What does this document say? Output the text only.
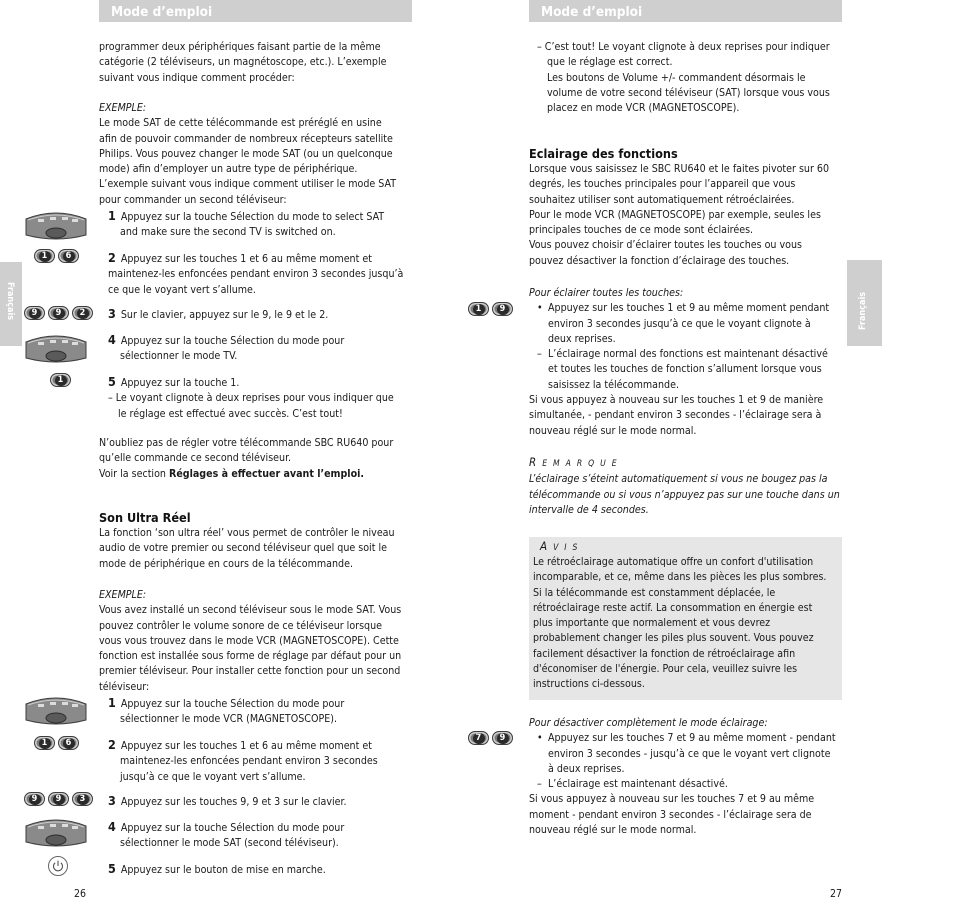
Mode d’emploi
Français

programmer deux périphériques faisant partie de la même

catégorie (2 téléviseurs, un magnétoscope, etc.). L’exemple

suivant vous indique comment procéder:

EXEMPLE:

Le mode SAT de cette télécommande est préréglé en usine

afin de pouvoir commander de nombreux récepteurs satellite

Philips. Vous pouvez changer le mode SAT (ou un quelconque

mode) afin d’employer un autre type de périphérique.

L’exemple suivant vous indique comment utiliser le mode SAT

pour commander un second téléviseur:

1 Appuyez sur la touche Sélection du mode to select SAT

and make sure the second TV is switched on.

2 Appuyez sur les touches 1 et 6 au même moment et

maintenez-les enfoncées pendant environ 3 secondes jusqu’à

ce que le voyant vert s’allume.

3 Sur le clavier, appuyez sur le 9, le 9 et le 2.

4 Appuyez sur la touche Sélection du mode pour

sélectionner le mode TV.

5 Appuyez sur la touche 1.

– Le voyant clignote à deux reprises pour vous indiquer que

le réglage est effectué avec succès. C’est tout!

N’oubliez pas de régler votre télécommande SBC RU640 pour

qu’elle commande ce second téléviseur.

Voir la section Réglages à effectuer avant l’emploi.

Son Ultra Réel

La fonction ‘son ultra réel’ vous permet de contrôler le niveau

audio de votre premier ou second téléviseur quel que soit le

mode de périphérique en cours de la télécommande.

EXEMPLE:

Vous avez installé un second téléviseur sous le mode SAT. Vous

pouvez contrôler le volume sonore de ce téléviseur lorsque

vous vous trouvez dans le mode VCR (MAGNETOSCOPE). Cette

fonction est installée sous forme de réglage par défaut pour un

premier téléviseur. Pour installer cette fonction pour un second

téléviseur:

1 Appuyez sur la touche Sélection du mode pour

sélectionner le mode VCR (MAGNETOSCOPE).

2 Appuyez sur les touches 1 et 6 au même moment et

maintenez-les enfoncées pendant environ 3 secondes

jusqu’à ce que le voyant vert s’allume.

3 Appuyez sur les touches 9, 9 et 3 sur le clavier.

4 Appuyez sur la touche Sélection du mode pour

sélectionner le mode SAT (second téléviseur).

5 Appuyez sur le bouton de mise en marche.

1	6
9	9	2
1
1	6
9	9	3
26
Mode d’emploi
Français

– C’est tout! Le voyant clignote à deux reprises pour indiquer

que le réglage est correct.

Les boutons de Volume +/- commandent désormais le

volume de votre second téléviseur (SAT) lorsque vous vous

placez en mode VCR (MAGNETOSCOPE).

Eclairage des fonctions

Lorsque vous saisissez le SBC RU640 et le faites pivoter sur 60

degrés, les touches principales pour l’appareil que vous

souhaitez utiliser sont automatiquement rétroéclairées.

Pour le mode VCR (MAGNETOSCOPE) par exemple, seules les

principales touches de ce mode sont éclairées.

Vous pouvez choisir d’éclairer toutes les touches ou vous

pouvez désactiver la fonction d’éclairage des touches.

Pour éclairer toutes les touches:

• Appuyez sur les touches 1 et 9 au même moment pendant

environ 3 secondes jusqu’à ce que le voyant clignote à

deux reprises.

– L’éclairage normal des fonctions est maintenant désactivé

et toutes les touches de fonction s’allument lorsque vous

saisissez la télécommande.

Si vous appuyez à nouveau sur les touches 1 et 9 de manière

simultanée, - pendant environ 3 secondes - l’éclairage sera à

nouveau réglé sur le mode normal.

REMARQUE

L’éclairage s’éteint automatiquement si vous ne bougez pas la

télécommande ou si vous n’appuyez pas sur une touche dans un

intervalle de 4 secondes.

AVIS

Le rétroéclairage automatique offre un confort d'utilisation

incomparable, et ce, même dans les pièces les plus sombres.

Si la télécommande est constamment déplacée, le

rétroéclairage reste actif. La consommation en énergie est

plus importante que normalement et vous devrez

probablement changer les piles plus souvent. Vous pouvez

facilement désactiver la fonction de rétroéclairage afin

d'économiser de l'énergie. Pour cela, veuillez suivre les

instructions ci-dessous.

Pour désactiver complètement le mode éclairage:

• Appuyez sur les touches 7 et 9 au même moment - pendant

environ 3 secondes - jusqu’à ce que le voyant vert clignote

à deux reprises.

– L’éclairage est maintenant désactivé.

Si vous appuyez à nouveau sur les touches 7 et 9 au même

moment - pendant environ 3 secondes - l’éclairage sera de

nouveau réglé sur le mode normal.

1	9
7	9
27
